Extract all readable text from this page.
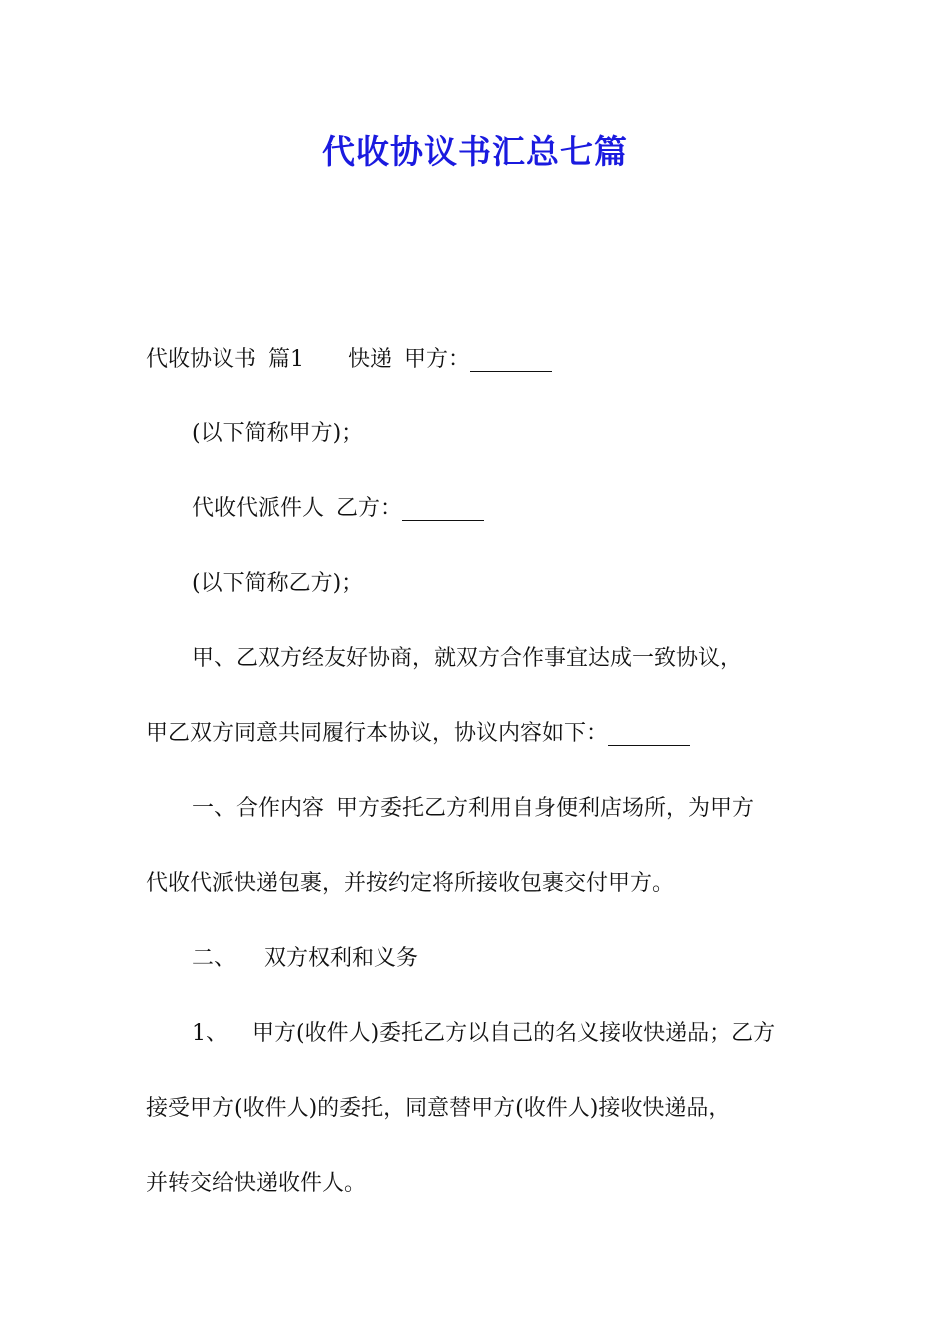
代收协议书汇总七篇

代收协议书 篇1 快递 甲方：

(以下简称甲方)；

代收代派件人 乙方：

(以下简称乙方)；

甲、乙双方经友好协商，就双方合作事宜达成一致协议，

甲乙双方同意共同履行本协议，协议内容如下：

一、合作内容 甲方委托乙方利用自身便利店场所，为甲方

代收代派快递包裹，并按约定将所接收包裹交付甲方。

二、 双方权利和义务

1、 甲方(收件人)委托乙方以自己的名义接收快递品；乙方

接受甲方(收件人)的委托，同意替甲方(收件人)接收快递品，

并转交给快递收件人。
